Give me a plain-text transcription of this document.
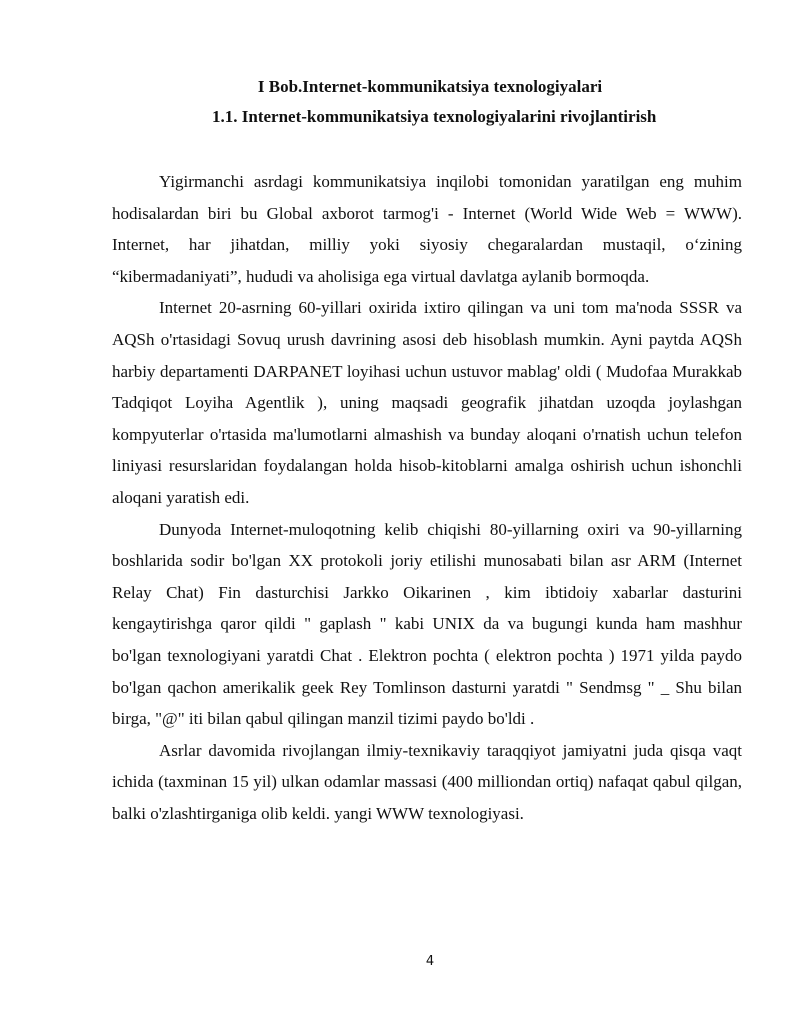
I Bob.Internet-kommunikatsiya texnologiyalari
1.1. Internet-kommunikatsiya texnologiyalarini rivojlantirish

Yigirmanchi asrdagi kommunikatsiya inqilobi tomonidan yaratilgan eng muhim hodisalardan biri bu Global axborot tarmog'i - Internet (World Wide Web = WWW). Internet, har jihatdan, milliy yoki siyosiy chegaralardan mustaqil, o‘zining “kibermadaniyati”, hududi va aholisiga ega virtual davlatga aylanib bormoqda.

Internet 20-asrning 60-yillari oxirida ixtiro qilingan va uni tom ma'noda SSSR va AQSh o'rtasidagi Sovuq urush davrining asosi deb hisoblash mumkin. Ayni paytda AQSh harbiy departamenti DARPANET loyihasi uchun ustuvor mablag' oldi ( Mudofaa Murakkab Tadqiqot Loyiha Agentlik ), uning maqsadi geografik jihatdan uzoqda joylashgan kompyuterlar o'rtasida ma'lumotlarni almashish va bunday aloqani o'rnatish uchun telefon liniyasi resurslaridan foydalangan holda hisob-kitoblarni amalga oshirish uchun ishonchli aloqani yaratish edi.

Dunyoda Internet-muloqotning kelib chiqishi 80-yillarning oxiri va 90-yillarning boshlarida sodir bo'lgan XX protokoli joriy etilishi munosabati bilan asr ARM (Internet Relay Chat) Fin dasturchisi Jarkko Oikarinen , kim ibtidoiy xabarlar dasturini kengaytirishga qaror qildi " gaplash " kabi UNIX da va bugungi kunda ham mashhur bo'lgan texnologiyani yaratdi Chat . Elektron pochta ( elektron pochta ) 1971 yilda paydo bo'lgan qachon amerikalik geek Rey Tomlinson dasturni yaratdi " Sendmsg " _ Shu bilan birga, "@" iti bilan qabul qilingan manzil tizimi paydo bo'ldi .

Asrlar davomida rivojlangan ilmiy-texnikaviy taraqqiyot jamiyatni juda qisqa vaqt ichida (taxminan 15 yil) ulkan odamlar massasi (400 milliondan ortiq) nafaqat qabul qilgan, balki o'zlashtirganiga olib keldi. yangi WWW texnologiyasi.

4
